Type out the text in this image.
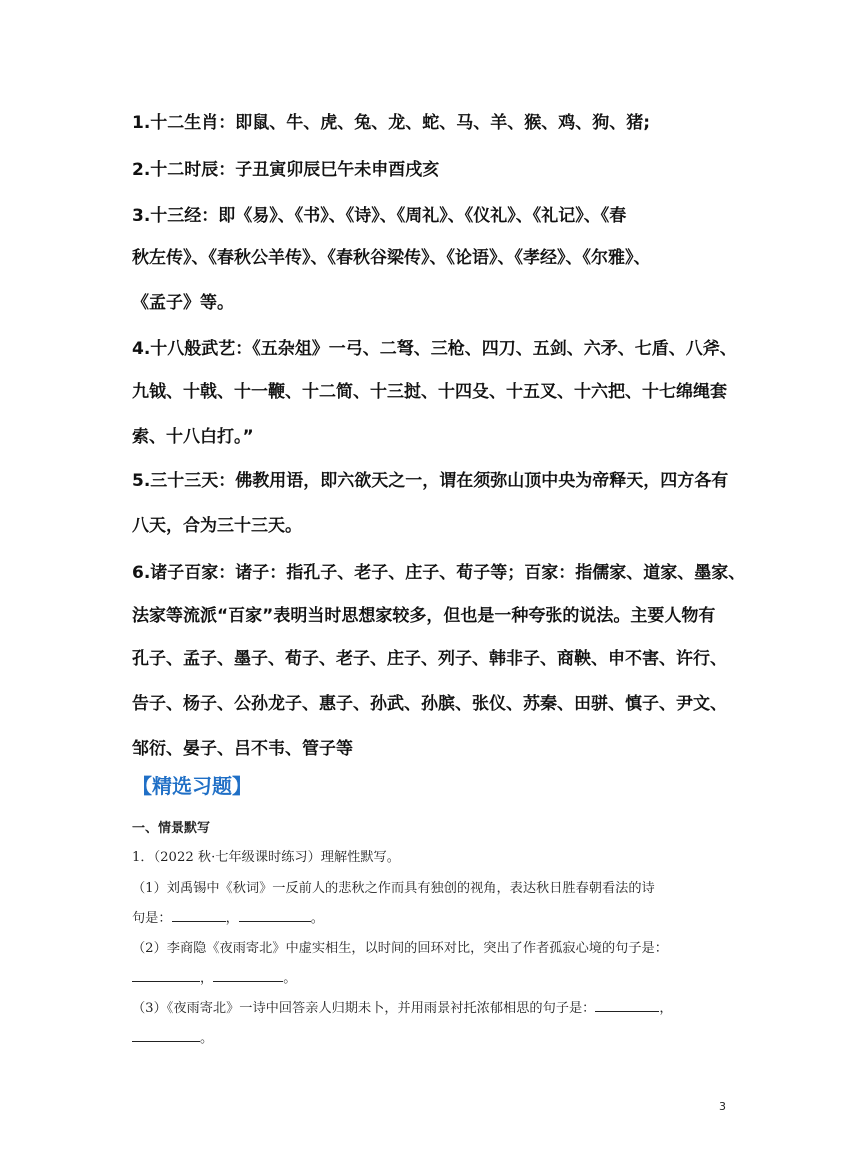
1.十二生肖：即鼠、牛、虎、兔、龙、蛇、马、羊、猴、鸡、狗、猪;
2.十二时辰：子丑寅卯辰巳午未申酉戌亥
3.十三经：即《易》、《书》、《诗》、《周礼》、《仪礼》、《礼记》、《春
秋左传》、《春秋公羊传》、《春秋谷梁传》、《论语》、《孝经》、《尔雅》、
《孟子》等。
4.十八般武艺：《五杂俎》一弓、二弩、三枪、四刀、五剑、六矛、七盾、八斧、
九钺、十戟、十一鞭、十二简、十三挝、十四殳、十五叉、十六把、十七绵绳套
索、十八白打。”
5.三十三天：佛教用语，即六欲天之一，谓在须弥山顶中央为帝释天，四方各有
八天，合为三十三天。
6.诸子百家：诸子：指孔子、老子、庄子、荀子等；百家：指儒家、道家、墨家、
法家等流派“百家”表明当时思想家较多，但也是一种夸张的说法。主要人物有
孔子、孟子、墨子、荀子、老子、庄子、列子、韩非子、商鞅、申不害、许行、
告子、杨子、公孙龙子、惠子、孙武、孙膑、张仪、苏秦、田骈、慎子、尹文、
邹衍、晏子、吕不韦、管子等
【精选习题】
一、情景默写
1．（2022 秋·七年级课时练习）理解性默写。
（1）刘禹锡中《秋词》一反前人的悲秋之作而具有独创的视角，表达秋日胜春朝看法的诗
句是：	，	。
（2）李商隐《夜雨寄北》中虚实相生，以时间的回环对比，突出了作者孤寂心境的句子是：
，	。
（3）《夜雨寄北》一诗中回答亲人归期未卜，并用雨景衬托浓郁相思的句子是：	，
。
3
